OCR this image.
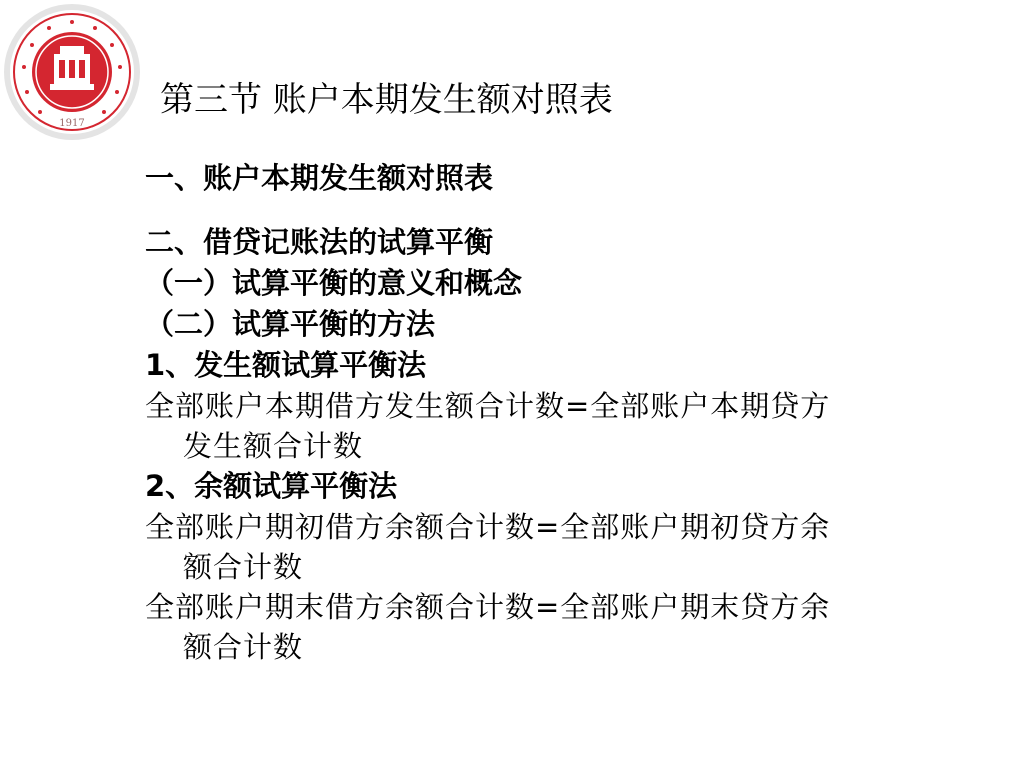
1917
第三节 账户本期发生额对照表
一、账户本期发生额对照表
二、借贷记账法的试算平衡
（一）试算平衡的意义和概念
（二）试算平衡的方法
1、发生额试算平衡法
全部账户本期借方发生额合计数=全部账户本期贷方
发生额合计数
2、余额试算平衡法
全部账户期初借方余额合计数=全部账户期初贷方余
额合计数
全部账户期末借方余额合计数=全部账户期末贷方余
额合计数
